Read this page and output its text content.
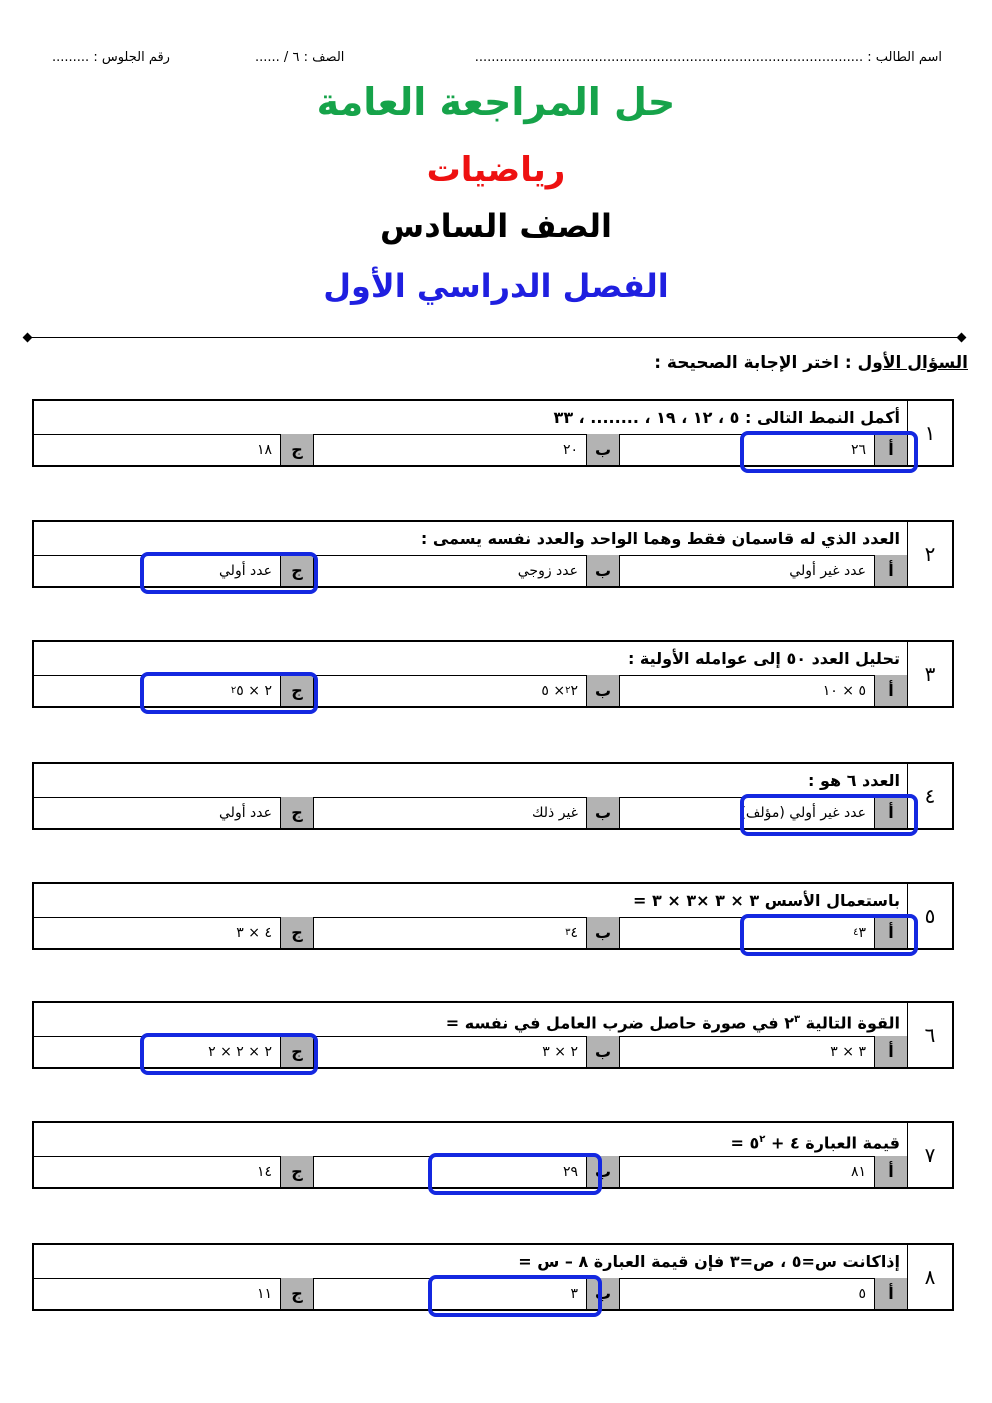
اسم الطالب : ..............................................................................................
الصف : ٦ / ......
رقم الجلوس : .........
حل المراجعة العامة
رياضيات
الصف السادس
الفصل الدراسي الأول
السؤال الأول : اختر الإجابة الصحيحة :
١
أكمل النمط التالى : ٥ ، ١٢ ، ١٩ ، ........ ، ٣٣
أ
٢٦
ب
٢٠
ج
١٨
٢
العدد الذي له قاسمان فقط وهما الواحد والعدد نفسه يسمى :
أ
عدد غير أولي
ب
عدد زوجي
ج
عدد أولي
٣
تحليل العدد ٥٠ إلى عوامله الأولية :
أ
٥ × ١٠
ب
٢
٢
× ٥
ج
٢ × ٥
٢
٤
العدد ٦ هو :
أ
عدد غير أولي (مؤلف)
ب
غير ذلك
ج
عدد أولي
٥
باستعمال الأسس ٣ × ٣ ×٣ × ٣ =
أ
٣
٤
ب
٤
٣
ج
٤ × ٣
٦
القوة التالية $٢^٣$ في صورة حاصل ضرب العامل في نفسه =
أ
٣ × ٣
ب
٢ × ٣
ج
٢ × ٢ × ٢
٧
قيمة العبارة ٤ + $٥^٢$ =
أ
٨١
ب
٢٩
ج
١٤
٨
إذاكانت س=٥ ، ص=٣ فإن قيمة العبارة ٨ – س =
أ
٥
ب
٣
ج
١١
